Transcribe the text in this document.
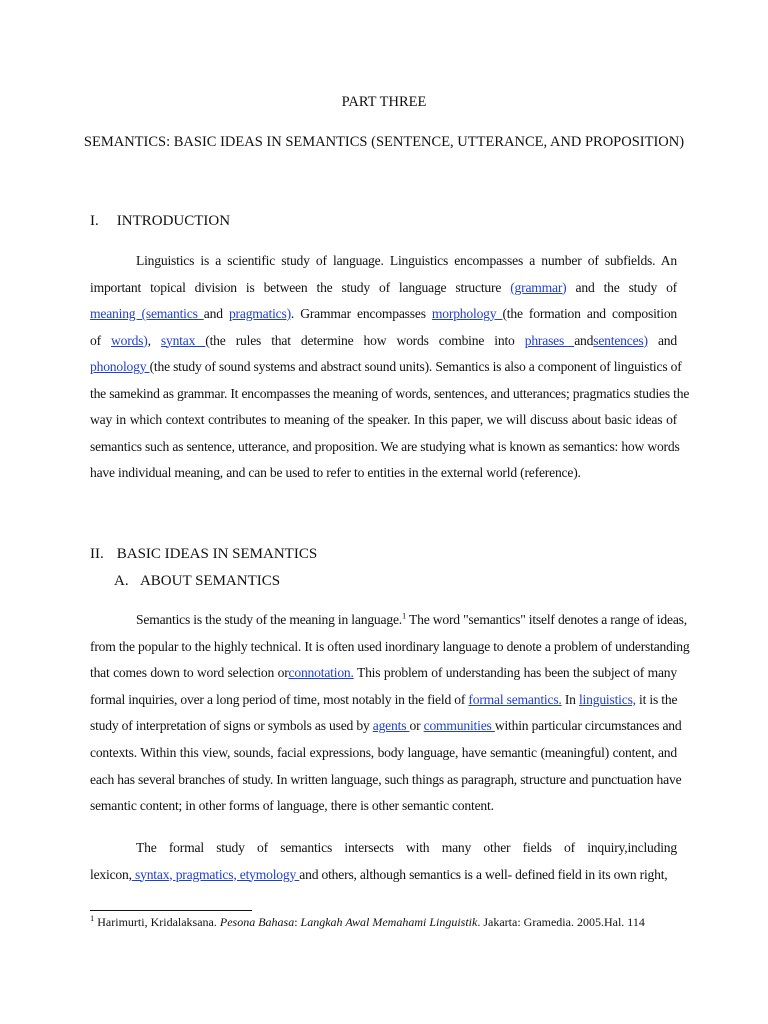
PART THREE
SEMANTICS: BASIC IDEAS IN SEMANTICS (SENTENCE, UTTERANCE, AND PROPOSITION)
I. INTRODUCTION
Linguistics is a scientific study of language. Linguistics encompasses a number of subfields. An
important topical division is between the study of language structure (grammar) and the study of
meaning (semantics and pragmatics). Grammar encompasses morphology (the formation and composition
of words), syntax (the rules that determine how words combine into phrases andsentences) and
phonology (the study of sound systems and abstract sound units). Semantics is also a component of linguistics of
the samekind as grammar. It encompasses the meaning of words, sentences, and utterances; pragmatics studies the
way in which context contributes to meaning of the speaker. In this paper, we will discuss about basic ideas of
semantics such as sentence, utterance, and proposition. We are studying what is known as semantics: how words
have individual meaning, and can be used to refer to entities in the external world (reference).
II. BASIC IDEAS IN SEMANTICS
A. ABOUT SEMANTICS
Semantics is the study of the meaning in language.$^1$ The word "semantics" itself denotes a range of ideas,
from the popular to the highly technical. It is often used inordinary language to denote a problem of understanding
that comes down to word selection orconnotation. This problem of understanding has been the subject of many
formal inquiries, over a long period of time, most notably in the field of formal semantics. In linguistics, it is the
study of interpretation of signs or symbols as used by agents or communities within particular circumstances and
contexts. Within this view, sounds, facial expressions, body language, have semantic (meaningful) content, and
each has several branches of study. In written language, such things as paragraph, structure and punctuation have
semantic content; in other forms of language, there is other semantic content.
The formal study of semantics intersects with many other fields of inquiry,including
lexicon, syntax, pragmatics, etymology and others, although semantics is a well- defined field in its own right,
$^1$ Harimurti, Kridalaksana. Pesona Bahasa: Langkah Awal Memahami Linguistik. Jakarta: Gramedia. 2005.Hal. 114
